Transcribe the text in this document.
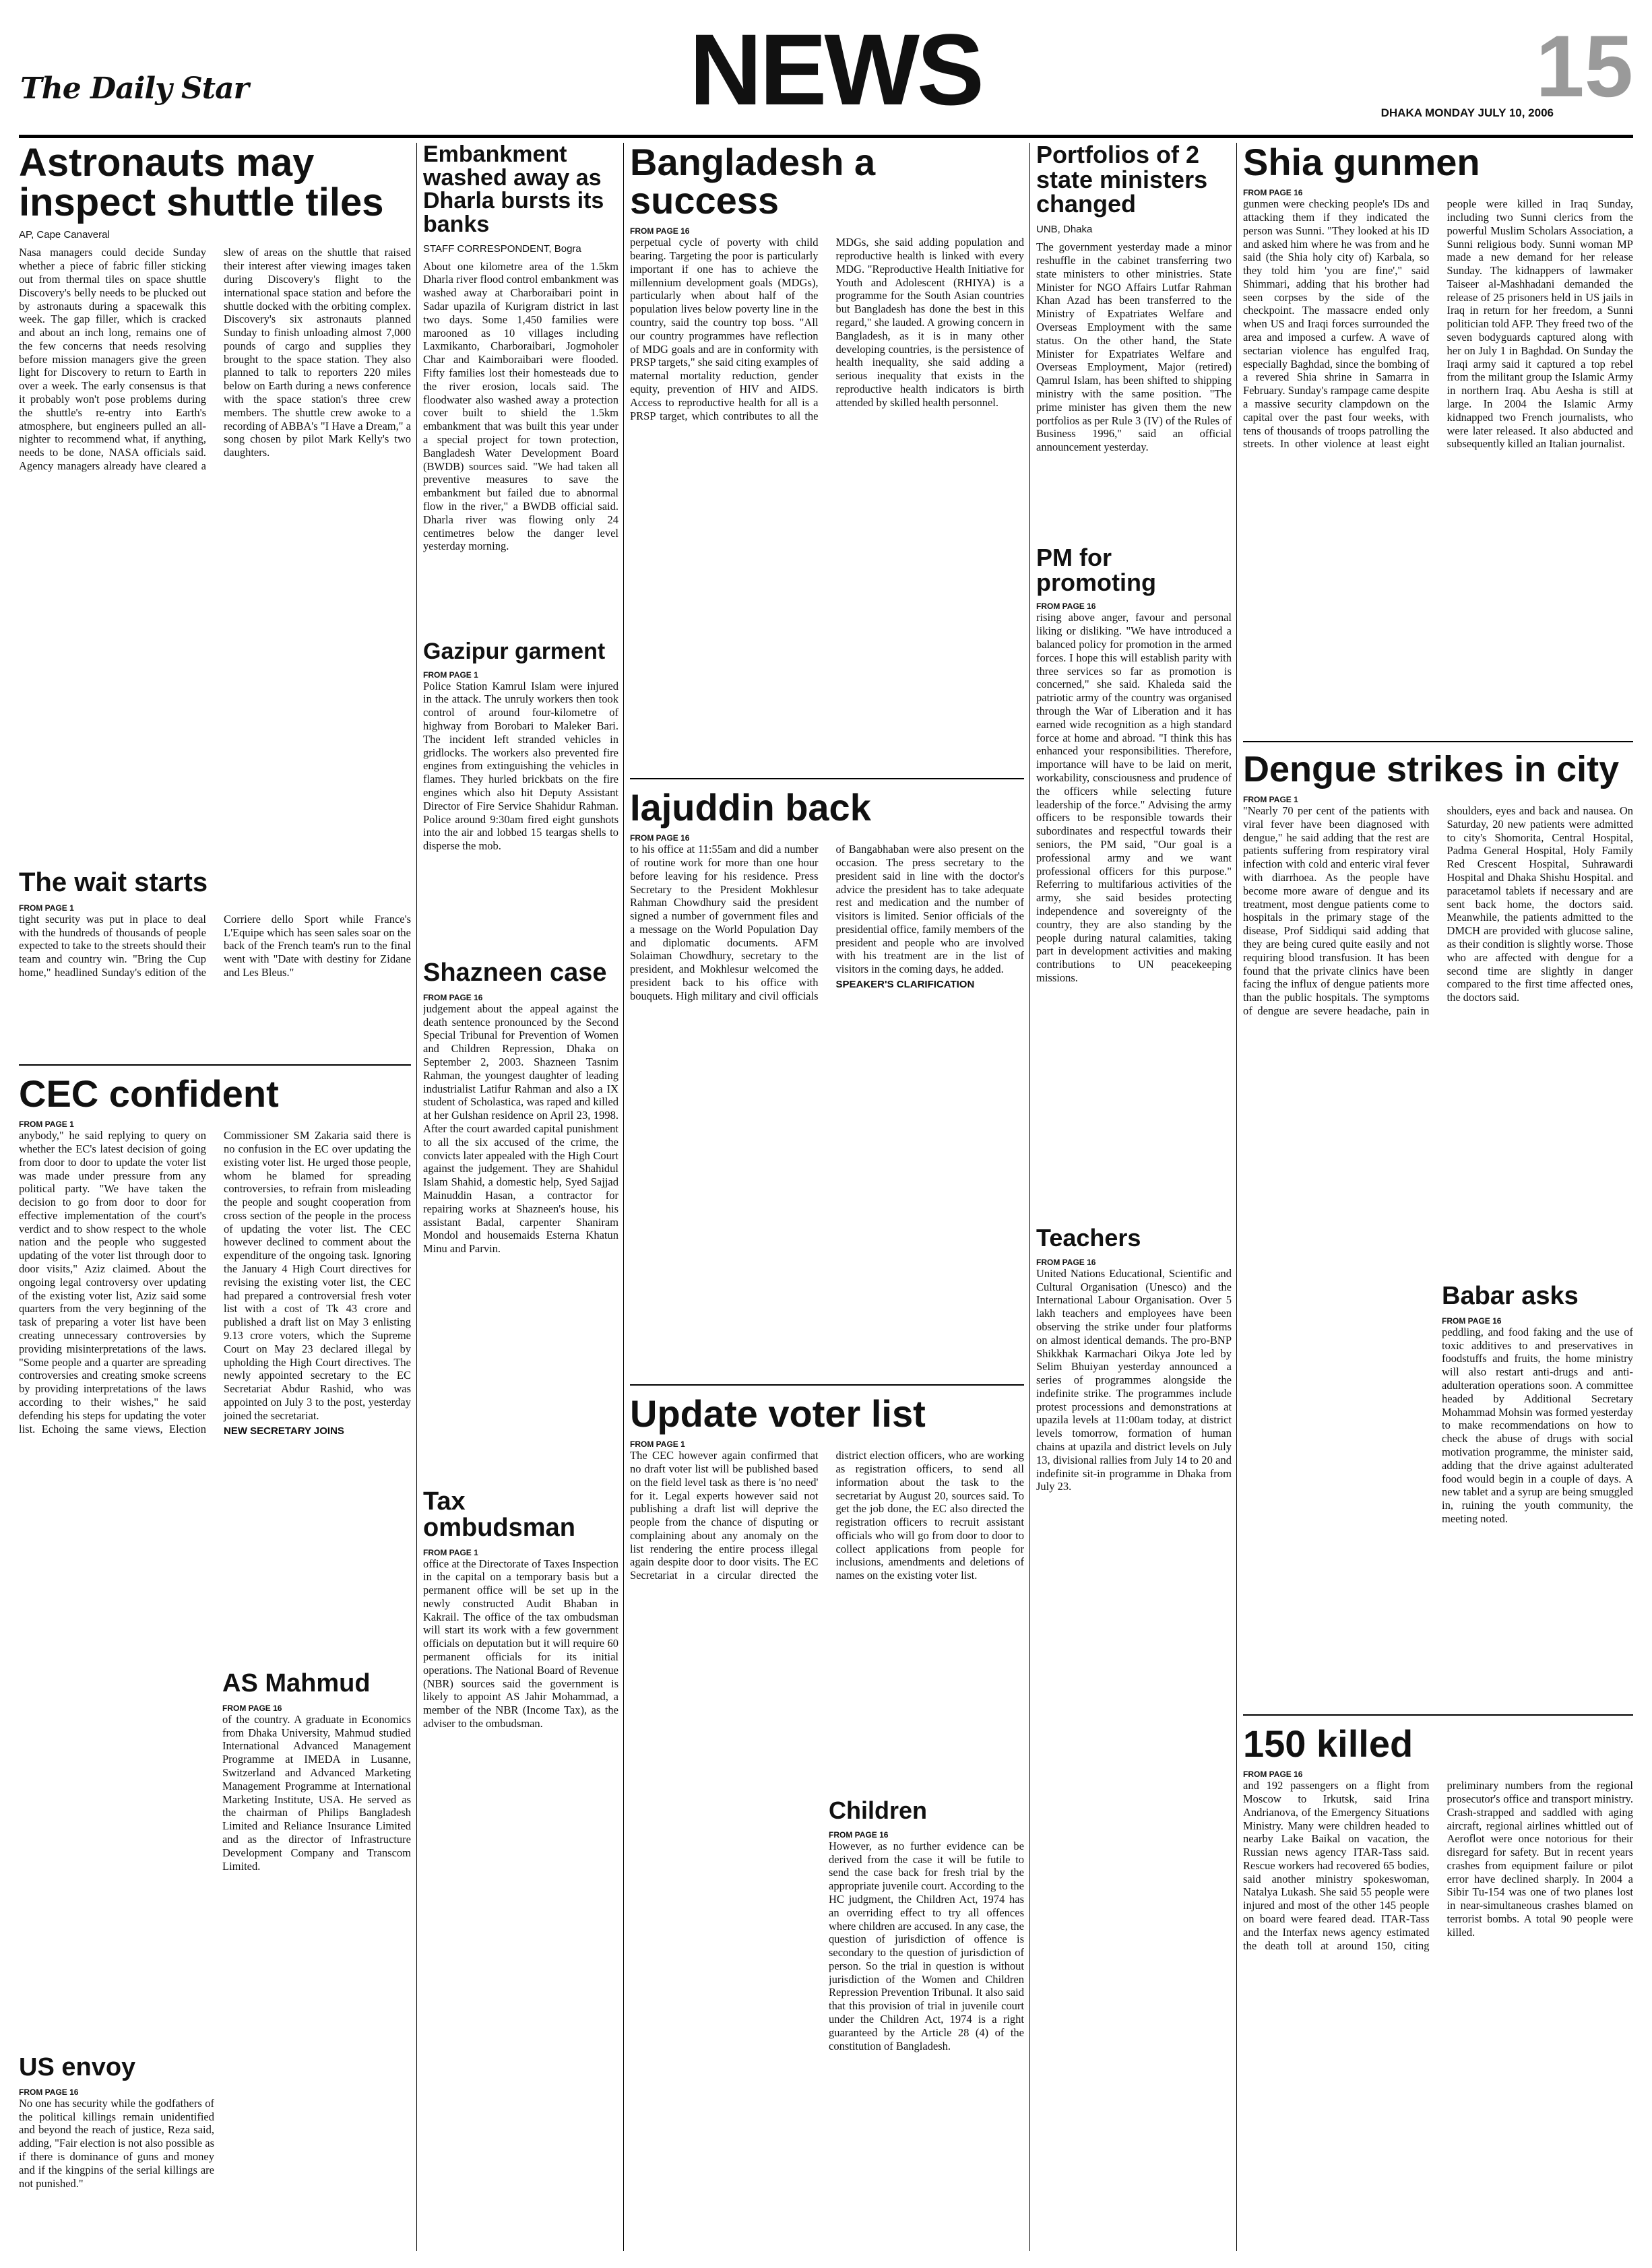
The Daily Star	NEWS	DHAKA MONDAY JULY 10, 2006
15
Astronauts may inspect shuttle tiles
AP, Cape Canaveral

Nasa managers could decide Sunday whether a piece of fabric filler sticking out from thermal tiles on space shuttle Discovery's belly needs to be plucked out by astronauts during a spacewalk this week. The gap filler, which is cracked and about an inch long, remains one of the few concerns that needs resolving before mission managers give the green light for Discovery to return to Earth in over a week. The early consensus is that it probably won't pose problems during the shuttle's re-entry into Earth's atmosphere, but engineers pulled an all-nighter to recommend what, if anything, needs to be done, NASA officials said. Agency managers already have cleared a slew of areas on the shuttle that raised their interest after viewing images taken during Discovery's flight to the international space station and before the shuttle docked with the orbiting complex. Discovery's six astronauts planned Sunday to finish unloading almost 7,000 pounds of cargo and supplies they brought to the space station. They also planned to talk to reporters 220 miles below on Earth during a news conference with the space station's three crew members. The shuttle crew awoke to a recording of ABBA's "I Have a Dream," a song chosen by pilot Mark Kelly's two daughters.

The wait starts
FROM PAGE 1

tight security was put in place to deal with the hundreds of thousands of people expected to take to the streets should their team and country win. "Bring the Cup home," headlined Sunday's edition of the Corriere dello Sport while France's L'Equipe which has seen sales soar on the back of the French team's run to the final went with "Date with destiny for Zidane and Les Bleus."

CEC confident
FROM PAGE 1

anybody," he said replying to query on whether the EC's latest decision of going from door to door to update the voter list was made under pressure from any political party. "We have taken the decision to go from door to door for effective implementation of the court's verdict and to show respect to the whole nation and the people who suggested updating of the voter list through door to door visits," Aziz claimed. About the ongoing legal controversy over updating of the existing voter list, Aziz said some quarters from the very beginning of the task of preparing a voter list have been creating unnecessary controversies by providing misinterpretations of the laws. "Some people and a quarter are spreading controversies and creating smoke screens by providing interpretations of the laws according to their wishes," he said defending his steps for updating the voter list. Echoing the same views, Election Commissioner SM Zakaria said there is no confusion in the EC over updating the existing voter list. He urged those people, whom he blamed for spreading controversies, to refrain from misleading the people and sought cooperation from cross section of the people in the process of updating the voter list. The CEC however declined to comment about the expenditure of the ongoing task. Ignoring the January 4 High Court directives for revising the existing voter list, the CEC had prepared a controversial fresh voter list with a cost of Tk 43 crore and published a draft list on May 3 enlisting 9.13 crore voters, which the Supreme Court on May 23 declared illegal by upholding the High Court directives. The newly appointed secretary to the EC Secretariat Abdur Rashid, who was appointed on July 3 to the post, yesterday joined the secretariat.

NEW SECRETARY JOINS
US envoy
FROM PAGE 16

No one has security while the godfathers of the political killings remain unidentified and beyond the reach of justice, Reza said, adding, "Fair election is not also possible as if there is dominance of guns and money and if the kingpins of the serial killings are not punished."

AS Mahmud
FROM PAGE 16

of the country. A graduate in Economics from Dhaka University, Mahmud studied International Advanced Management Programme at IMEDA in Lusanne, Switzerland and Advanced Marketing Management Programme at International Marketing Institute, USA. He served as the chairman of Philips Bangladesh Limited and Reliance Insurance Limited and as the director of Infrastructure Development Company and Transcom Limited.

Embankment washed away as Dharla bursts its banks
STAFF CORRESPONDENT, Bogra

About one kilometre area of the 1.5km Dharla river flood control embankment was washed away at Charboraibari point in Sadar upazila of Kurigram district in last two days. Some 1,450 families were marooned as 10 villages including Laxmikanto, Charboraibari, Jogmoholer Char and Kaimboraibari were flooded. Fifty families lost their homesteads due to the river erosion, locals said. The floodwater also washed away a protection cover built to shield the 1.5km embankment that was built this year under a special project for town protection, Bangladesh Water Development Board (BWDB) sources said. "We had taken all preventive measures to save the embankment but failed due to abnormal flow in the river," a BWDB official said. Dharla river was flowing only 24 centimetres below the danger level yesterday morning.

Gazipur garment
FROM PAGE 1

Police Station Kamrul Islam were injured in the attack. The unruly workers then took control of around four-kilometre of highway from Borobari to Maleker Bari. The incident left stranded vehicles in gridlocks. The workers also prevented fire engines from extinguishing the vehicles in flames. They hurled brickbats on the fire engines which also hit Deputy Assistant Director of Fire Service Shahidur Rahman. Police around 9:30am fired eight gunshots into the air and lobbed 15 teargas shells to disperse the mob.

Shazneen case
FROM PAGE 16

judgement about the appeal against the death sentence pronounced by the Second Special Tribunal for Prevention of Women and Children Repression, Dhaka on September 2, 2003. Shazneen Tasnim Rahman, the youngest daughter of leading industrialist Latifur Rahman and also a IX student of Scholastica, was raped and killed at her Gulshan residence on April 23, 1998. After the court awarded capital punishment to all the six accused of the crime, the convicts later appealed with the High Court against the judgement. They are Shahidul Islam Shahid, a domestic help, Syed Sajjad Mainuddin Hasan, a contractor for repairing works at Shazneen's house, his assistant Badal, carpenter Shaniram Mondol and housemaids Esterna Khatun Minu and Parvin.

Tax ombudsman
FROM PAGE 1

office at the Directorate of Taxes Inspection in the capital on a temporary basis but a permanent office will be set up in the newly constructed Audit Bhaban in Kakrail. The office of the tax ombudsman will start its work with a few government officials on deputation but it will require 60 permanent officials for its initial operations. The National Board of Revenue (NBR) sources said the government is likely to appoint AS Jahir Mohammad, a member of the NBR (Income Tax), as the adviser to the ombudsman.

Bangladesh a success
FROM PAGE 16

perpetual cycle of poverty with child bearing. Targeting the poor is particularly important if one has to achieve the millennium development goals (MDGs), particularly when about half of the population lives below poverty line in the country, said the country top boss. "All our country programmes have reflection of MDG goals and are in conformity with PRSP targets," she said citing examples of maternal mortality reduction, gender equity, prevention of HIV and AIDS. Access to reproductive health for all is a PRSP target, which contributes to all the MDGs, she said adding population and reproductive health is linked with every MDG. "Reproductive Health Initiative for Youth and Adolescent (RHIYA) is a programme for the South Asian countries but Bangladesh has done the best in this regard," she lauded. A growing concern in Bangladesh, as it is in many other developing countries, is the persistence of health inequality, she said adding a serious inequality that exists in the reproductive health indicators is birth attended by skilled health personnel.

Iajuddin back
FROM PAGE 16

to his office at 11:55am and did a number of routine work for more than one hour before leaving for his residence. Press Secretary to the President Mokhlesur Rahman Chowdhury said the president signed a number of government files and a message on the World Population Day and diplomatic documents. AFM Solaiman Chowdhury, secretary to the president, and Mokhlesur welcomed the president back to his office with bouquets. High military and civil officials of Bangabhaban were also present on the occasion. The press secretary to the president said in line with the doctor's advice the president has to take adequate rest and medication and the number of visitors is limited. Senior officials of the presidential office, family members of the president and people who are involved with his treatment are in the list of visitors in the coming days, he added.

SPEAKER'S CLARIFICATION
Update voter list
FROM PAGE 1

The CEC however again confirmed that no draft voter list will be published based on the field level task as there is 'no need' for it. Legal experts however said not publishing a draft list will deprive the people from the chance of disputing or complaining about any anomaly on the list rendering the entire process illegal again despite door to door visits. The EC Secretariat in a circular directed the district election officers, who are working as registration officers, to send all information about the task to the secretariat by August 20, sources said. To get the job done, the EC also directed the registration officers to recruit assistant officials who will go from door to door to collect applications from people for inclusions, amendments and deletions of names on the existing voter list.

Children
FROM PAGE 16

However, as no further evidence can be derived from the case it will be futile to send the case back for fresh trial by the appropriate juvenile court. According to the HC judgment, the Children Act, 1974 has an overriding effect to try all offences where children are accused. In any case, the question of jurisdiction of offence is secondary to the question of jurisdiction of person. So the trial in question is without jurisdiction of the Women and Children Repression Prevention Tribunal. It also said that this provision of trial in juvenile court under the Children Act, 1974 is a right guaranteed by the Article 28 (4) of the constitution of Bangladesh.

Portfolios of 2 state ministers changed
UNB, Dhaka

The government yesterday made a minor reshuffle in the cabinet transferring two state ministers to other ministries. State Minister for NGO Affairs Lutfar Rahman Khan Azad has been transferred to the Ministry of Expatriates Welfare and Overseas Employment with the same status. On the other hand, the State Minister for Expatriates Welfare and Overseas Employment, Major (retired) Qamrul Islam, has been shifted to shipping ministry with the same position. "The prime minister has given them the new portfolios as per Rule 3 (IV) of the Rules of Business 1996," said an official announcement yesterday.

PM for promoting
FROM PAGE 16

rising above anger, favour and personal liking or disliking. "We have introduced a balanced policy for promotion in the armed forces. I hope this will establish parity with three services so far as promotion is concerned," she said. Khaleda said the patriotic army of the country was organised through the War of Liberation and it has earned wide recognition as a high standard force at home and abroad. "I think this has enhanced your responsibilities. Therefore, importance will have to be laid on merit, workability, consciousness and prudence of the officers while selecting future leadership of the force." Advising the army officers to be responsible towards their subordinates and respectful towards their seniors, the PM said, "Our goal is a professional army and we want professional officers for this purpose." Referring to multifarious activities of the army, she said besides protecting independence and sovereignty of the country, they are also standing by the people during natural calamities, taking part in development activities and making contributions to UN peacekeeping missions.

Teachers
FROM PAGE 16

United Nations Educational, Scientific and Cultural Organisation (Unesco) and the International Labour Organisation. Over 5 lakh teachers and employees have been observing the strike under four platforms on almost identical demands. The pro-BNP Shikkhak Karmachari Oikya Jote led by Selim Bhuiyan yesterday announced a series of programmes alongside the indefinite strike. The programmes include protest processions and demonstrations at upazila levels at 11:00am today, at district levels tomorrow, formation of human chains at upazila and district levels on July 13, divisional rallies from July 14 to 20 and indefinite sit-in programme in Dhaka from July 23.

Shia gunmen
FROM PAGE 16

gunmen were checking people's IDs and attacking them if they indicated the person was Sunni. "They looked at his ID and asked him where he was from and he said (the Shia holy city of) Karbala, so they told him 'you are fine'," said Shimmari, adding that his brother had seen corpses by the side of the checkpoint. The massacre ended only when US and Iraqi forces surrounded the area and imposed a curfew. A wave of sectarian violence has engulfed Iraq, especially Baghdad, since the bombing of a revered Shia shrine in Samarra in February. Sunday's rampage came despite a massive security clampdown on the capital over the past four weeks, with tens of thousands of troops patrolling the streets. In other violence at least eight people were killed in Iraq Sunday, including two Sunni clerics from the powerful Muslim Scholars Association, a Sunni religious body. Sunni woman MP made a new demand for her release Sunday. The kidnappers of lawmaker Taiseer al-Mashhadani demanded the release of 25 prisoners held in US jails in Iraq in return for her freedom, a Sunni politician told AFP. They freed two of the seven bodyguards captured along with her on July 1 in Baghdad. On Sunday the Iraqi army said it captured a top rebel from the militant group the Islamic Army in northern Iraq. Abu Aesha is still at large. In 2004 the Islamic Army kidnapped two French journalists, who were later released. It also abducted and subsequently killed an Italian journalist.

Dengue strikes in city
FROM PAGE 1

"Nearly 70 per cent of the patients with viral fever have been diagnosed with dengue," he said adding that the rest are patients suffering from respiratory viral infection with cold and enteric viral fever with diarrhoea. As the people have become more aware of dengue and its treatment, most dengue patients come to hospitals in the primary stage of the disease, Prof Siddiqui said adding that they are being cured quite easily and not requiring blood transfusion. It has been found that the private clinics have been facing the influx of dengue patients more than the public hospitals. The symptoms of dengue are severe headache, pain in shoulders, eyes and back and nausea. On Saturday, 20 new patients were admitted to city's Shomorita, Central Hospital, Padma General Hospital, Holy Family Red Crescent Hospital, Suhrawardi Hospital and Dhaka Shishu Hospital. and paracetamol tablets if necessary and are sent back home, the doctors said. Meanwhile, the patients admitted to the DMCH are provided with glucose saline, as their condition is slightly worse. Those who are affected with dengue for a second time are slightly in danger compared to the first time affected ones, the doctors said.

Babar asks
FROM PAGE 16

peddling, and food faking and the use of toxic additives to and preservatives in foodstuffs and fruits, the home ministry will also restart anti-drugs and anti-adulteration operations soon. A committee headed by Additional Secretary Mohammad Mohsin was formed yesterday to make recommendations on how to check the abuse of drugs with social motivation programme, the minister said, adding that the drive against adulterated food would begin in a couple of days. A new tablet and a syrup are being smuggled in, ruining the youth community, the meeting noted.

150 killed
FROM PAGE 16

and 192 passengers on a flight from Moscow to Irkutsk, said Irina Andrianova, of the Emergency Situations Ministry. Many were children headed to nearby Lake Baikal on vacation, the Russian news agency ITAR-Tass said. Rescue workers had recovered 65 bodies, said another ministry spokeswoman, Natalya Lukash. She said 55 people were injured and most of the other 145 people on board were feared dead. ITAR-Tass and the Interfax news agency estimated the death toll at around 150, citing preliminary numbers from the regional prosecutor's office and transport ministry. Crash-strapped and saddled with aging aircraft, regional airlines whittled out of Aeroflot were once notorious for their disregard for safety. But in recent years crashes from equipment failure or pilot error have declined sharply. In 2004 a Sibir Tu-154 was one of two planes lost in near-simultaneous crashes blamed on terrorist bombs. A total 90 people were killed.
